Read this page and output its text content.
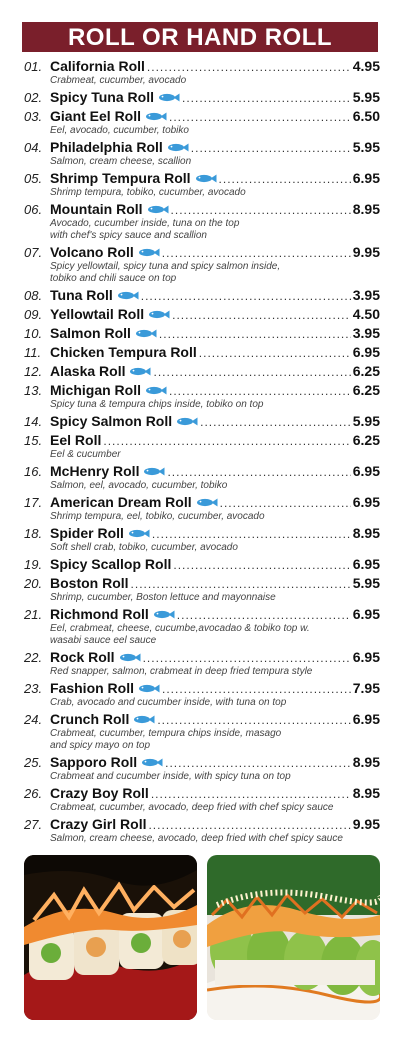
ROLL OR HAND ROLL
01. California Roll .....	4.95
Crabmeat, cucumber, avocado
02. Spicy Tuna Roll .....	5.95
03. Giant Eel Roll .....	6.50
Eel, avocado, cucumber, tobiko
04. Philadelphia Roll .....	5.95
Salmon, cream cheese, scallion
05. Shrimp Tempura Roll .....	6.95
Shrimp tempura, tobiko, cucumber, avocado
06. Mountain Roll .....	8.95
Avocado, cucumber inside, tuna on the top
with chef's spicy sauce and scallion
07. Volcano Roll .....	9.95
Spicy yellowtail, spicy tuna and spicy salmon inside,
tobiko and chili sauce on top
08. Tuna Roll .....	3.95
09. Yellowtail Roll .....	4.50
10. Salmon Roll .....	3.95
11. Chicken Tempura Roll .....	6.95
12. Alaska Roll .....	6.25
13. Michigan Roll .....	6.25
Spicy tuna & tempura chips inside, tobiko on top
14. Spicy Salmon Roll .....	5.95
15. Eel Roll .....	6.25
Eel & cucumber
16. McHenry Roll .....	6.95
Salmon, eel, avocado, cucumber, tobiko
17. American Dream Roll .....	6.95
Shrimp tempura, eel, tobiko, cucumber, avocado
18. Spider Roll .....	8.95
Soft shell crab, tobiko, cucumber, avocado
19. Spicy Scallop Roll .....	6.95
20. Boston Roll .....	5.95
Shrimp, cucumber, Boston lettuce and mayonnaise
21. Richmond Roll .....	6.95
Eel, crabmeat, cheese, cucumbe,avocadao & tobiko top w.
wasabi sauce eel sauce
22. Rock Roll .....	6.95
Red snapper, salmon, crabmeat in deep fried tempura style
23. Fashion Roll .....	7.95
Crab, avocado and cucumber inside, with tuna on top
24. Crunch Roll .....	6.95
Crabmeat, cucumber, tempura chips inside, masago
and spicy mayo on top
25. Sapporo Roll .....	8.95
Crabmeat and cucumber inside, with spicy tuna on top
26. Crazy Boy Roll .....	8.95
Crabmeat, cucumber, avocado, deep fried with chef spicy sauce
27. Crazy Girl Roll .....	9.95
Salmon, cream cheese, avocado, deep fried with chef spicy sauce
